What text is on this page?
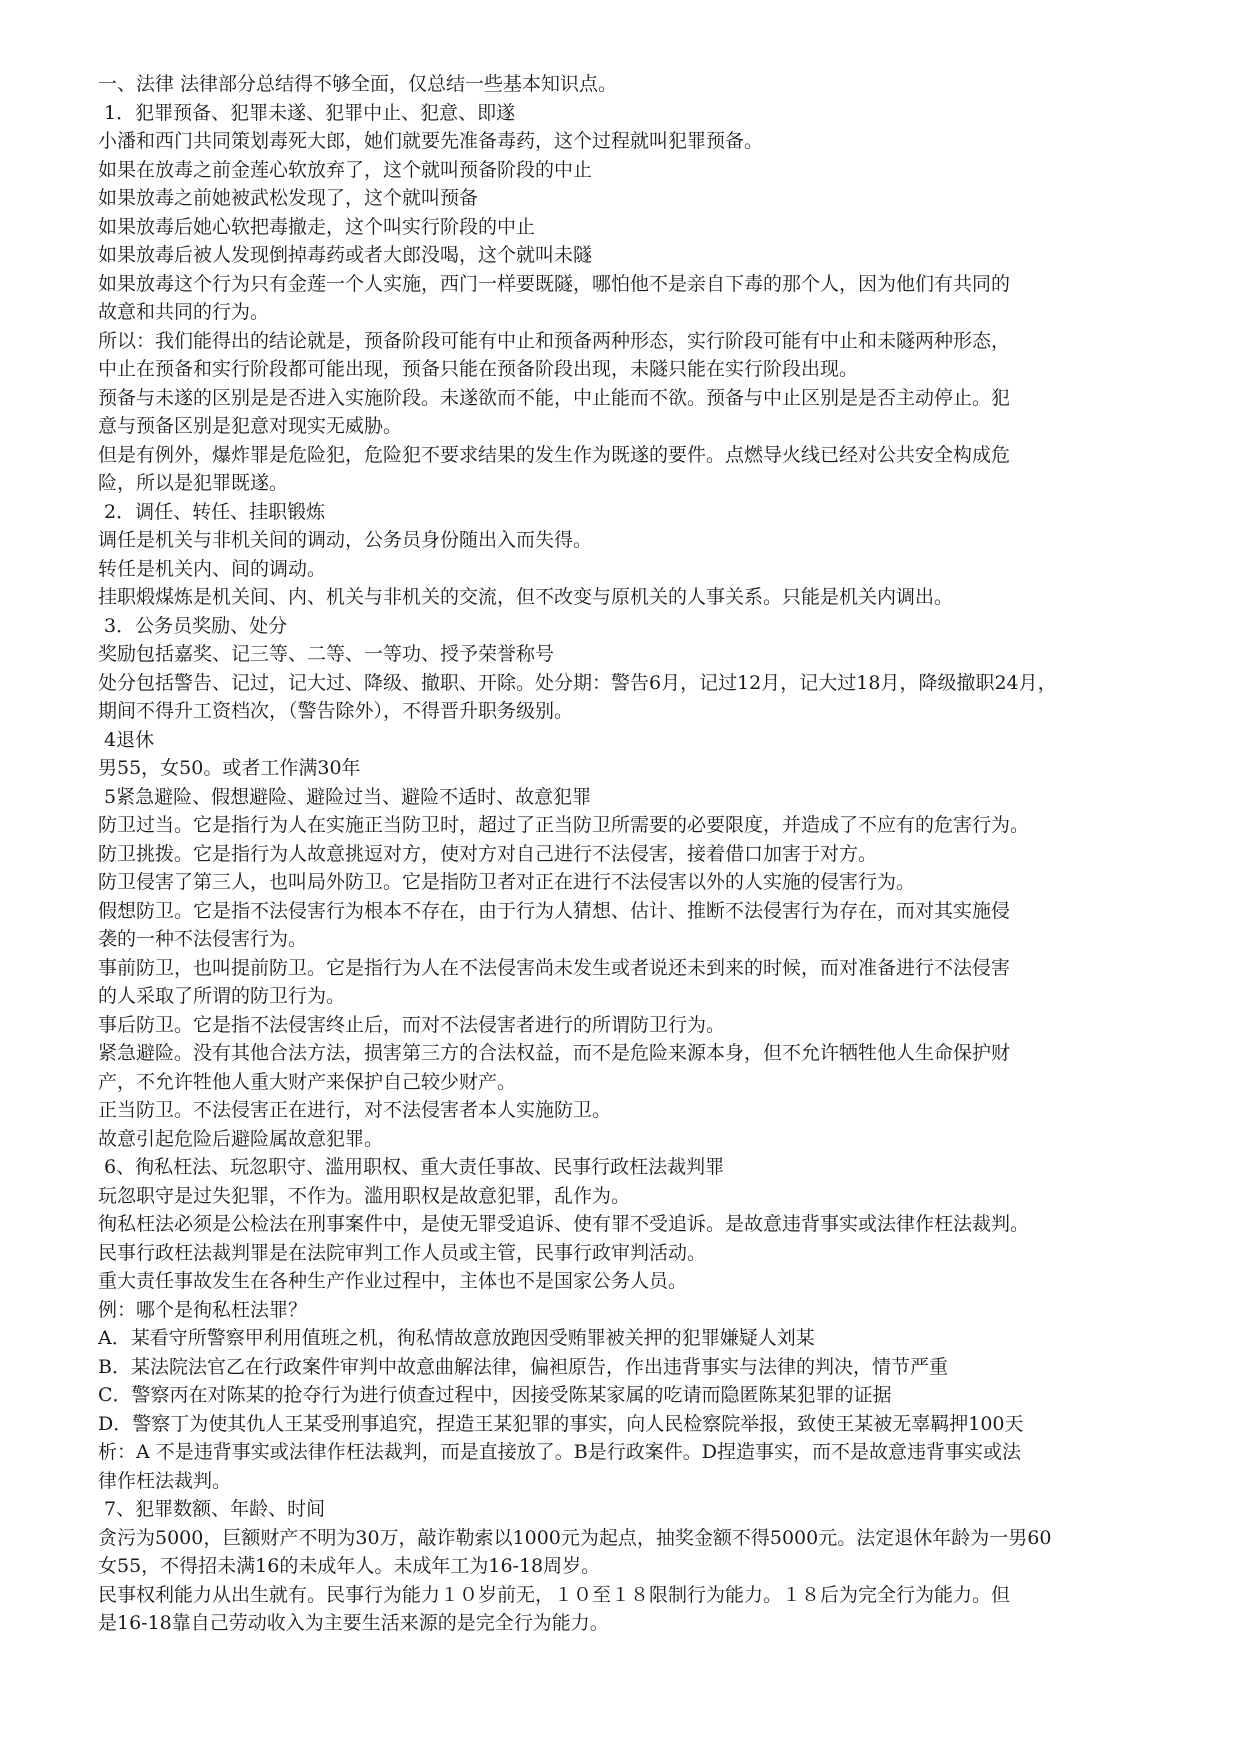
一、法律 法律部分总结得不够全面，仅总结一些基本知识点。
1．犯罪预备、犯罪未遂、犯罪中止、犯意、即遂
小潘和西门共同策划毒死大郎，她们就要先准备毒药，这个过程就叫犯罪预备。
如果在放毒之前金莲心软放弃了，这个就叫预备阶段的中止
如果放毒之前她被武松发现了，这个就叫预备
如果放毒后她心软把毒撤走，这个叫实行阶段的中止
如果放毒后被人发现倒掉毒药或者大郎没喝，这个就叫未隧
如果放毒这个行为只有金莲一个人实施，西门一样要既隧，哪怕他不是亲自下毒的那个人，因为他们有共同的
故意和共同的行为。
所以：我们能得出的结论就是，预备阶段可能有中止和预备两种形态，实行阶段可能有中止和未隧两种形态，
中止在预备和实行阶段都可能出现，预备只能在预备阶段出现，未隧只能在实行阶段出现。
预备与未遂的区别是是否进入实施阶段。未遂欲而不能，中止能而不欲。预备与中止区别是是否主动停止。犯
意与预备区别是犯意对现实无威胁。
但是有例外，爆炸罪是危险犯，危险犯不要求结果的发生作为既遂的要件。点燃导火线已经对公共安全构成危
险，所以是犯罪既遂。
2．调任、转任、挂职锻炼
调任是机关与非机关间的调动，公务员身份随出入而失得。
转任是机关内、间的调动。
挂职煅煤炼是机关间、内、机关与非机关的交流，但不改变与原机关的人事关系。只能是机关内调出。
3．公务员奖励、处分
奖励包括嘉奖、记三等、二等、一等功、授予荣誉称号
处分包括警告、记过，记大过、降级、撤职、开除。处分期：警告6月，记过12月，记大过18月，降级撤职24月，
期间不得升工资档次，（警告除外），不得晋升职务级别。
4退休
男55，女50。或者工作满30年
5紧急避险、假想避险、避险过当、避险不适时、故意犯罪
防卫过当。它是指行为人在实施正当防卫时，超过了正当防卫所需要的必要限度，并造成了不应有的危害行为。
防卫挑拨。它是指行为人故意挑逗对方，使对方对自己进行不法侵害，接着借口加害于对方。
防卫侵害了第三人，也叫局外防卫。它是指防卫者对正在进行不法侵害以外的人实施的侵害行为。
假想防卫。它是指不法侵害行为根本不存在，由于行为人猜想、估计、推断不法侵害行为存在，而对其实施侵
袭的一种不法侵害行为。
事前防卫，也叫提前防卫。它是指行为人在不法侵害尚未发生或者说还未到来的时候，而对准备进行不法侵害
的人采取了所谓的防卫行为。
事后防卫。它是指不法侵害终止后，而对不法侵害者进行的所谓防卫行为。
紧急避险。没有其他合法方法，损害第三方的合法权益，而不是危险来源本身，但不允许牺牲他人生命保护财
产，不允许牲他人重大财产来保护自己较少财产。
正当防卫。不法侵害正在进行，对不法侵害者本人实施防卫。
故意引起危险后避险属故意犯罪。
6、徇私枉法、玩忽职守、滥用职权、重大责任事故、民事行政枉法裁判罪
玩忽职守是过失犯罪，不作为。滥用职权是故意犯罪，乱作为。
徇私枉法必须是公检法在刑事案件中，是使无罪受追诉、使有罪不受追诉。是故意违背事实或法律作枉法裁判。
民事行政枉法裁判罪是在法院审判工作人员或主管，民事行政审判活动。
重大责任事故发生在各种生产作业过程中，主体也不是国家公务人员。
例：哪个是徇私枉法罪？
A．某看守所警察甲利用值班之机，徇私情故意放跑因受贿罪被关押的犯罪嫌疑人刘某
B．某法院法官乙在行政案件审判中故意曲解法律，偏袒原告，作出违背事实与法律的判决，情节严重
C．警察丙在对陈某的抢夺行为进行侦查过程中，因接受陈某家属的吃请而隐匿陈某犯罪的证据
D．警察丁为使其仇人王某受刑事追究，捏造王某犯罪的事实，向人民检察院举报，致使王某被无辜羁押100天
析：A 不是违背事实或法律作枉法裁判，而是直接放了。B是行政案件。D捏造事实，而不是故意违背事实或法
律作枉法裁判。
7、犯罪数额、年龄、时间
贪污为5000，巨额财产不明为30万，敲诈勒索以1000元为起点，抽奖金额不得5000元。法定退休年龄为一男60
女55，不得招未满16的未成年人。未成年工为16-18周岁。
民事权利能力从出生就有。民事行为能力１０岁前无，１０至１８限制行为能力。１８后为完全行为能力。但
是16-18靠自己劳动收入为主要生活来源的是完全行为能力。
